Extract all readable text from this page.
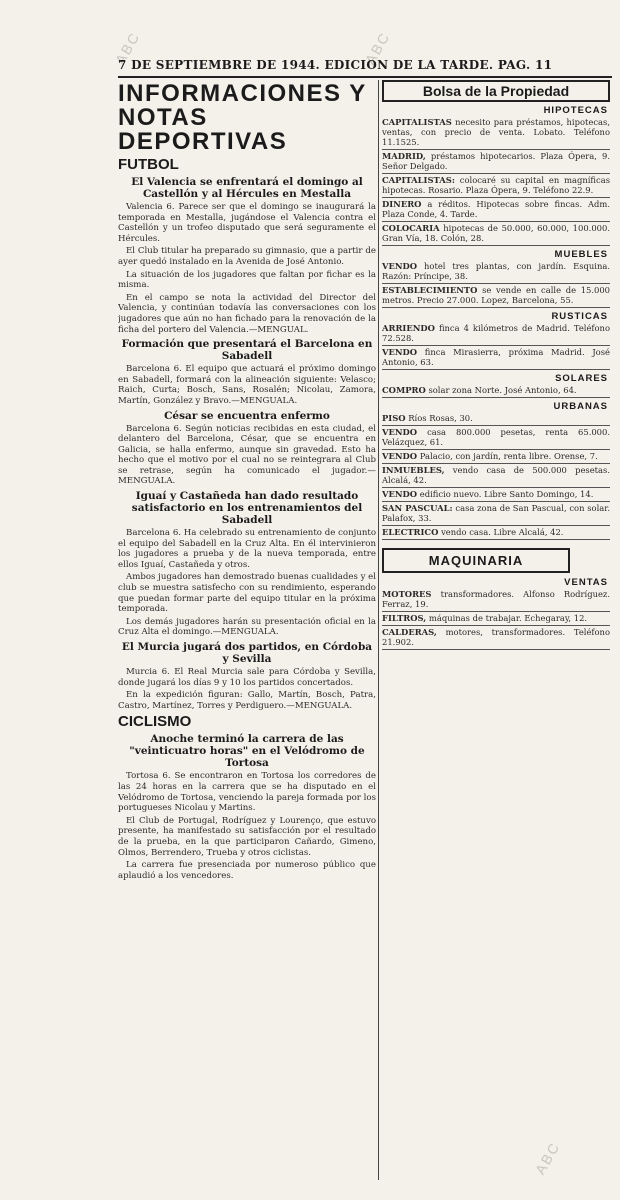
ABC	ABC
ABC
7 DE SEPTIEMBRE DE 1944. EDICION DE LA TARDE. PAG. 11
INFORMACIONES Y NOTAS DEPORTIVAS
FUTBOL
El Valencia se enfrentará el domingo al Castellón y al Hércules en Mestalla

Valencia 6. Parece ser que el domingo se inaugurará la temporada en Mestalla, jugándose el Valencia contra el Castellón y un trofeo disputado que será seguramente el Hércules.

El Club titular ha preparado su gimnasio, que a partir de ayer quedó instalado en la Avenida de José Antonio.

La situación de los jugadores que faltan por fichar es la misma.

En el campo se nota la actividad del Director del Valencia, y continúan todavía las conversaciones con los jugadores que aún no han fichado para la renovación de la ficha del portero del Valencia.—MENGUAL.

Formación que presentará el Barcelona en Sabadell

Barcelona 6. El equipo que actuará el próximo domingo en Sabadell, formará con la alineación siguiente: Velasco; Raich, Curta; Bosch, Sans, Rosalén; Nicolau, Zamora, Martín, González y Bravo.—MENGUALA.

César se encuentra enfermo

Barcelona 6. Según noticias recibidas en esta ciudad, el delantero del Barcelona, César, que se encuentra en Galicia, se halla enfermo, aunque sin gravedad. Esto ha hecho que el motivo por el cual no se reintegrara al Club se retrase, según ha comunicado el jugador.—MENGUALA.

Iguaí y Castañeda han dado resultado satisfactorio en los entrenamientos del Sabadell

Barcelona 6. Ha celebrado su entrenamiento de conjunto el equipo del Sabadell en la Cruz Alta. En él intervinieron los jugadores a prueba y de la nueva temporada, entre ellos Iguaí, Castañeda y otros.

Ambos jugadores han demostrado buenas cualidades y el club se muestra satisfecho con su rendimiento, esperando que puedan formar parte del equipo titular en la próxima temporada.

Los demás jugadores harán su presentación oficial en la Cruz Alta el domingo.—MENGUALA.

El Murcia jugará dos partidos, en Córdoba y Sevilla

Murcia 6. El Real Murcia sale para Córdoba y Sevilla, donde jugará los días 9 y 10 los partidos concertados.

En la expedición figuran: Gallo, Martín, Bosch, Patra, Castro, Martínez, Torres y Perdiguero.—MENGUALA.

CICLISMO
Anoche terminó la carrera de las "veinticuatro horas" en el Velódromo de Tortosa

Tortosa 6. Se encontraron en Tortosa los corredores de las 24 horas en la carrera que se ha disputado en el Velódromo de Tortosa, venciendo la pareja formada por los portugueses Nicolau y Martins.

El Club de Portugal, Rodríguez y Lourenço, que estuvo presente, ha manifestado su satisfacción por el resultado de la prueba, en la que participaron Cañardo, Gimeno, Olmos, Berrendero, Trueba y otros ciclistas.

La carrera fue presenciada por numeroso público que aplaudió a los vencedores.

Bolsa de la Propiedad
HIPOTECAS

CAPITALISTAS necesito para préstamos, hipotecas, ventas, con precio de venta. Lobato. Teléfono 11.1525.

MADRID, préstamos hipotecarios. Plaza Ópera, 9. Señor Delgado.

CAPITALISTAS: colocaré su capital en magníficas hipotecas. Rosario. Plaza Ópera, 9. Teléfono 22.9.

DINERO a réditos. Hipotecas sobre fincas. Adm. Plaza Conde, 4. Tarde.

COLOCARIA hipotecas de 50.000, 60.000, 100.000. Gran Vía, 18. Colón, 28.

MUEBLES

VENDO hotel tres plantas, con jardín. Esquina. Razón: Príncipe, 38.

ESTABLECIMIENTO se vende en calle de 15.000 metros. Precio 27.000. Lopez, Barcelona, 55.

RUSTICAS

ARRIENDO finca 4 kilómetros de Madrid. Teléfono 72.528.

VENDO finca Mirasierra, próxima Madrid. José Antonio, 63.

SOLARES

COMPRO solar zona Norte. José Antonio, 64.

URBANAS

PISO Ríos Rosas, 30.

VENDO casa 800.000 pesetas, renta 65.000. Velázquez, 61.

VENDO Palacio, con jardín, renta libre. Orense, 7.

INMUEBLES, vendo casa de 500.000 pesetas. Alcalá, 42.

VENDO edificio nuevo. Libre Santo Domingo, 14.

SAN PASCUAL: casa zona de San Pascual, con solar. Palafox, 33.

ELECTRICO vendo casa. Libre Alcalá, 42.

MAQUINARIA
VENTAS

MOTORES transformadores. Alfonso Rodríguez. Ferraz, 19.

FILTROS, máquinas de trabajar. Echegaray, 12.

CALDERAS, motores, transformadores. Teléfono 21.902.
